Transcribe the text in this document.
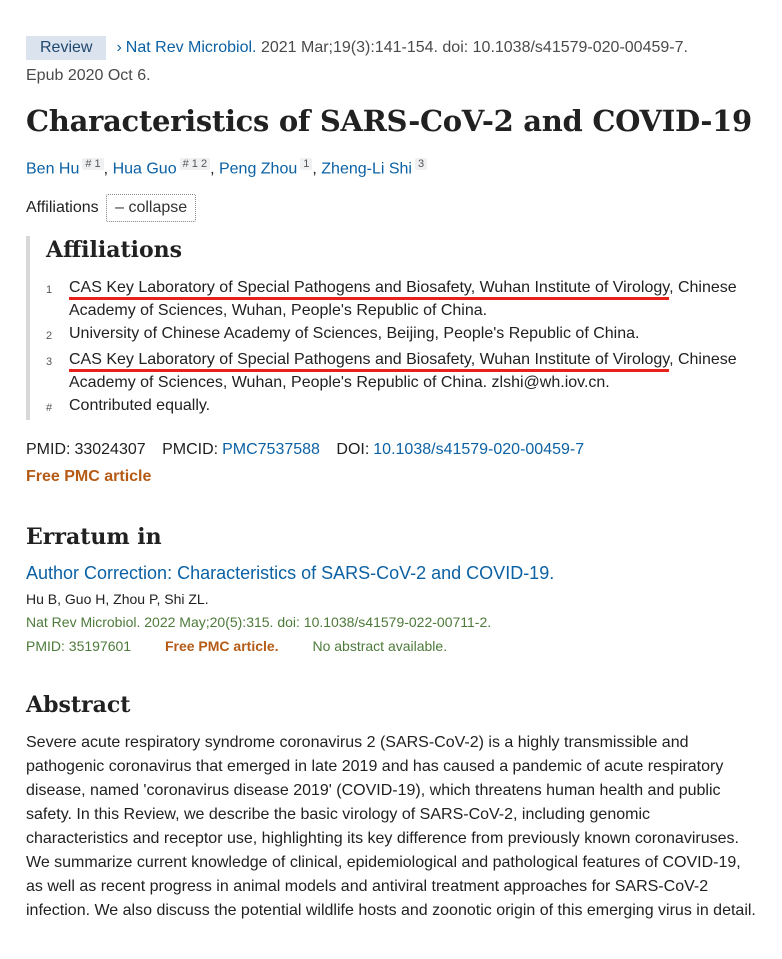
Review › Nat Rev Microbiol. 2021 Mar;19(3):141-154. doi: 10.1038/s41579-020-00459-7.
Epub 2020 Oct 6.
Characteristics of SARS-CoV-2 and COVID-19
Ben Hu $^{\# 1}$ , Hua Guo $^{\# 1 2}$ , Peng Zhou $^1$ , Zheng-Li Shi $^3$
Affiliations – collapse
Affiliations
1	CAS Key Laboratory of Special Pathogens and Biosafety, Wuhan Institute of Virology, Chinese Academy of Sciences, Wuhan, People's Republic of China.
2	University of Chinese Academy of Sciences, Beijing, People's Republic of China.
3	CAS Key Laboratory of Special Pathogens and Biosafety, Wuhan Institute of Virology, Chinese Academy of Sciences, Wuhan, People's Republic of China. zlshi@wh.iov.cn.
#	Contributed equally.
PMID: 33024307 PMCID: PMC7537588 DOI: 10.1038/s41579-020-00459-7
Free PMC article
Erratum in
Author Correction: Characteristics of SARS-CoV-2 and COVID-19.
Hu B, Guo H, Zhou P, Shi ZL.
Nat Rev Microbiol. 2022 May;20(5):315. doi: 10.1038/s41579-022-00711-2.
PMID: 35197601 Free PMC article. No abstract available.
Abstract
Severe acute respiratory syndrome coronavirus 2 (SARS-CoV-2) is a highly transmissible and pathogenic coronavirus that emerged in late 2019 and has caused a pandemic of acute respiratory disease, named 'coronavirus disease 2019' (COVID-19), which threatens human health and public safety. In this Review, we describe the basic virology of SARS-CoV-2, including genomic characteristics and receptor use, highlighting its key difference from previously known coronaviruses. We summarize current knowledge of clinical, epidemiological and pathological features of COVID-19, as well as recent progress in animal models and antiviral treatment approaches for SARS-CoV-2 infection. We also discuss the potential wildlife hosts and zoonotic origin of this emerging virus in detail.
